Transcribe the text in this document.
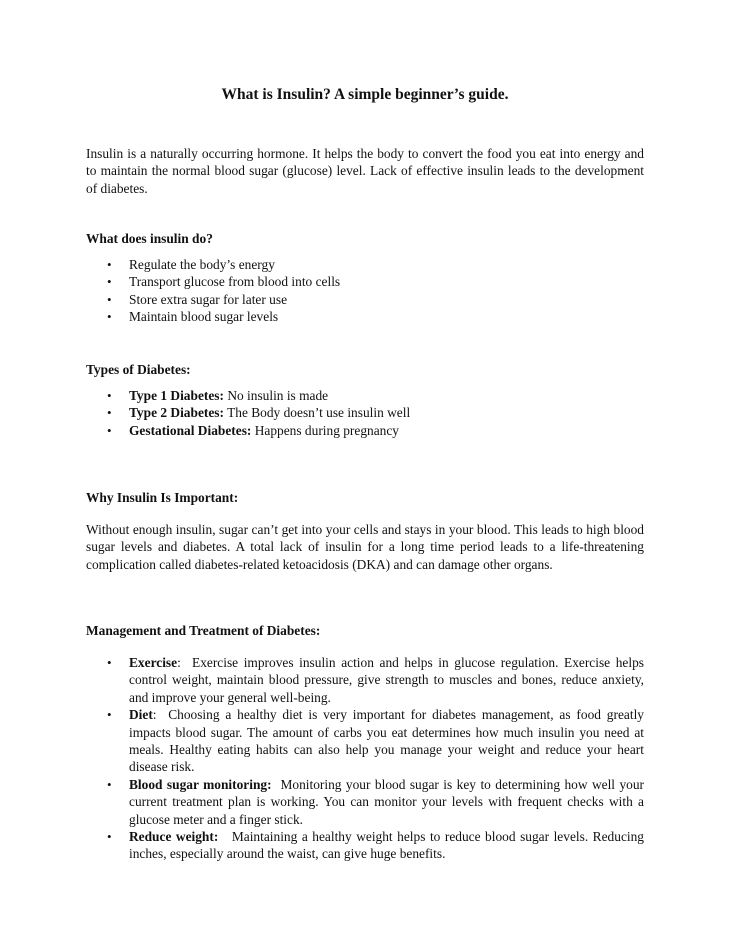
What is Insulin? A simple beginner’s guide.

Insulin is a naturally occurring hormone. It helps the body to convert the food you eat into energy and to maintain the normal blood sugar (glucose) level. Lack of effective insulin leads to the development of diabetes.

What does insulin do?
• Regulate the body’s energy
• Transport glucose from blood into cells
• Store extra sugar for later use
• Maintain blood sugar levels
Types of Diabetes:
• Type 1 Diabetes: No insulin is made
• Type 2 Diabetes: The Body doesn’t use insulin well
• Gestational Diabetes: Happens during pregnancy
Why Insulin Is Important:

Without enough insulin, sugar can’t get into your cells and stays in your blood. This leads to high blood sugar levels and diabetes. A total lack of insulin for a long time period leads to a life-threatening complication called diabetes-related ketoacidosis (DKA) and can damage other organs.

Management and Treatment of Diabetes:
• Exercise:  Exercise improves insulin action and helps in glucose regulation. Exercise helps control weight, maintain blood pressure, give strength to muscles and bones, reduce anxiety, and improve your general well-being.
• Diet:  Choosing a healthy diet is very important for diabetes management, as food greatly impacts blood sugar. The amount of carbs you eat determines how much insulin you need at meals. Healthy eating habits can also help you manage your weight and reduce your heart disease risk.
• Blood sugar monitoring: Monitoring your blood sugar is key to determining how well your current treatment plan is working. You can monitor your levels with frequent checks with a glucose meter and a finger stick.
• Reduce weight: Maintaining a healthy weight helps to reduce blood sugar levels. Reducing inches, especially around the waist, can give huge benefits.
